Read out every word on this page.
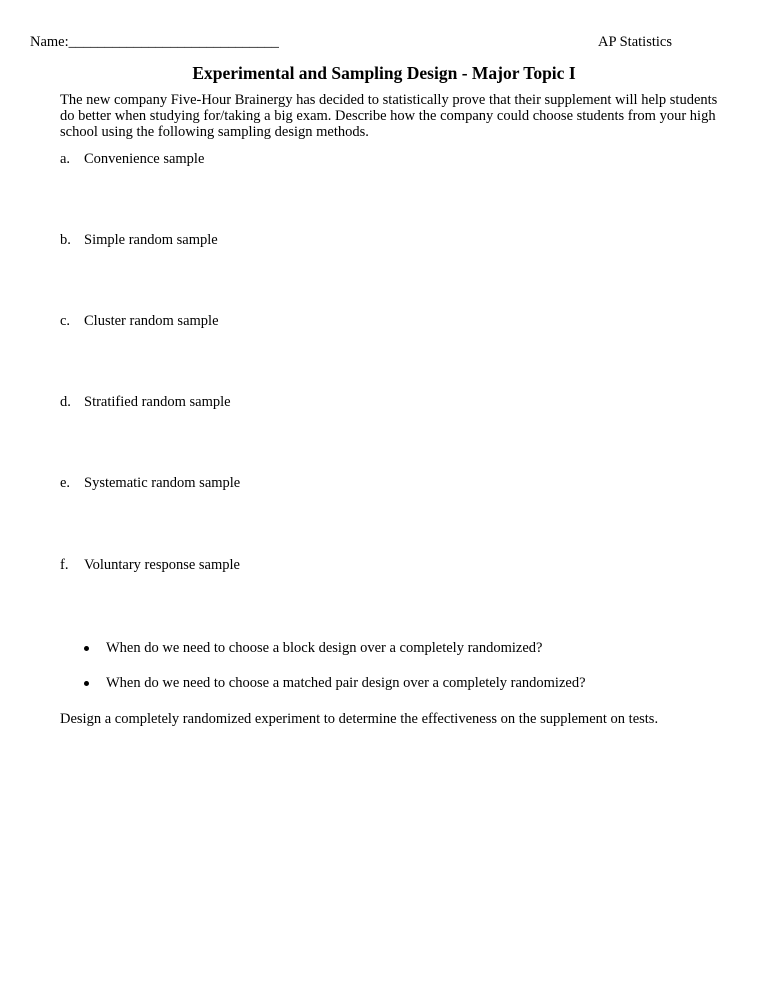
Name:_____________________________	AP Statistics
Experimental and Sampling Design - Major Topic I
The new company Five-Hour Brainergy has decided to statistically prove that their supplement will help students do better when studying for/taking a big exam. Describe how the company could choose students from your high school using the following sampling design methods.
a. Convenience sample
b. Simple random sample
c. Cluster random sample
d. Stratified random sample
e. Systematic random sample
f. Voluntary response sample
When do we need to choose a block design over a completely randomized?
When do we need to choose a matched pair design over a completely randomized?
Design a completely randomized experiment to determine the effectiveness on the supplement on tests.
